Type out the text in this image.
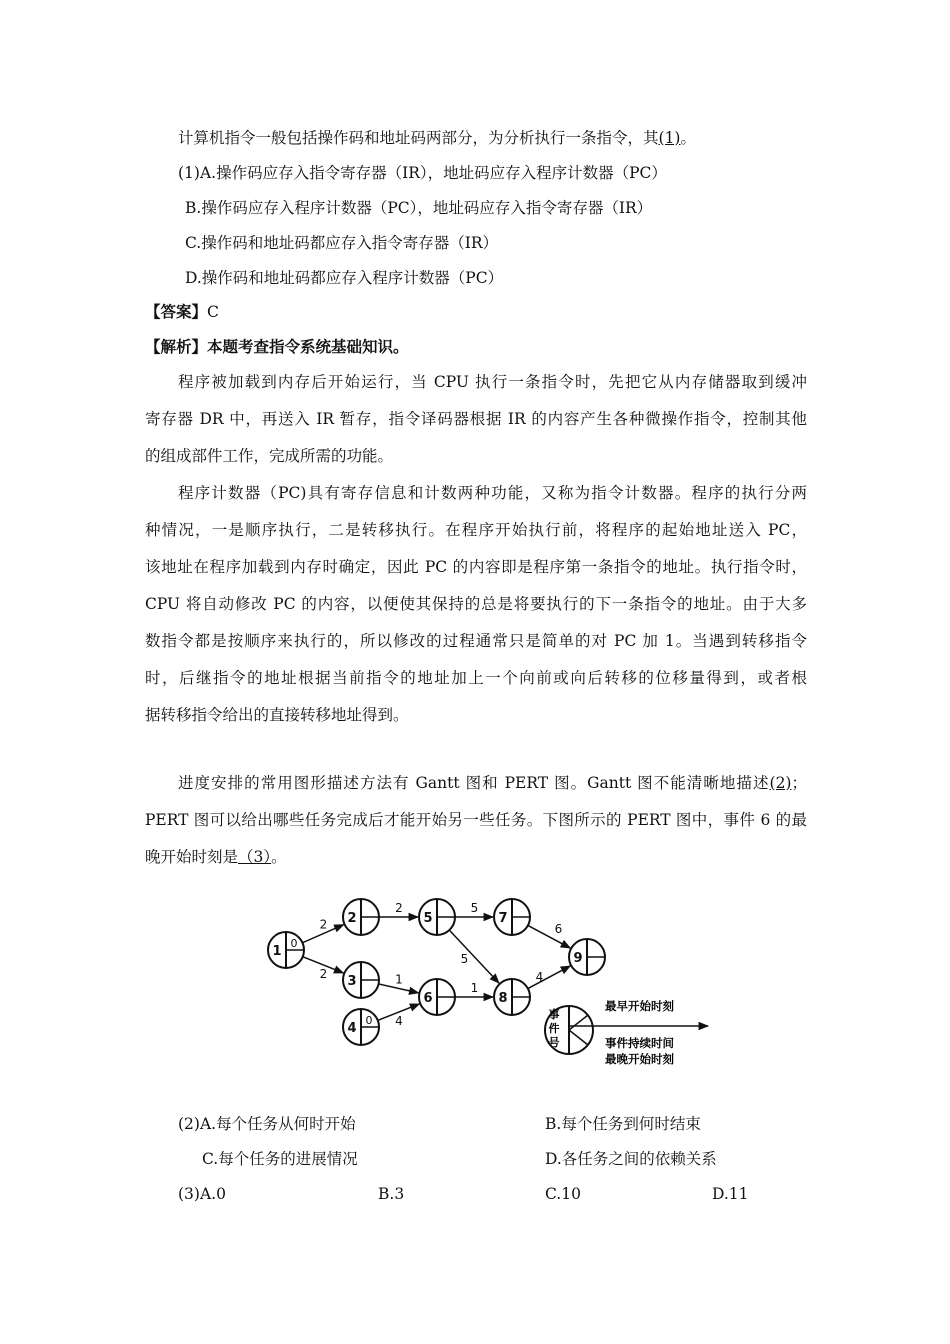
计算机指令一般包括操作码和地址码两部分，为分析执行一条指令，其(1)。
(1)A.操作码应存入指令寄存器（IR），地址码应存入程序计数器（PC）
B.操作码应存入程序计数器（PC），地址码应存入指令寄存器（IR）
C.操作码和地址码都应存入指令寄存器（IR）
D.操作码和地址码都应存入程序计数器（PC）
【答案】C
【解析】本题考查指令系统基础知识。
程序被加载到内存后开始运行，当 CPU 执行一条指令时，先把它从内存储器取到缓冲
寄存器 DR 中，再送入 IR 暂存，指令译码器根据 IR 的内容产生各种微操作指令，控制其他
的组成部件工作，完成所需的功能。
程序计数器（PC)具有寄存信息和计数两种功能，又称为指令计数器。程序的执行分两
种情况，一是顺序执行，二是转移执行。在程序开始执行前，将程序的起始地址送入 PC，
该地址在程序加载到内存时确定，因此 PC 的内容即是程序第一条指令的地址。执行指令时，
CPU 将自动修改 PC 的内容，以便使其保持的总是将要执行的下一条指令的地址。由于大多
数指令都是按顺序来执行的，所以修改的过程通常只是简单的对 PC 加 1。当遇到转移指令
时，后继指令的地址根据当前指令的地址加上一个向前或向后转移的位移量得到，或者根
据转移指令给出的直接转移地址得到。
进度安排的常用图形描述方法有 Gantt 图和 PERT 图。Gantt 图不能清晰地描述(2)；
PERT 图可以给出哪些任务完成后才能开始另一些任务。下图所示的 PERT 图中，事件 6 的最
晚开始时刻是（3）。
2
2
2
1
4
5
5
1
6
4
1
0
2
3
4
0
5
6
7
8
9
事
件
号
最早开始时刻
事件持续时间
最晚开始时刻
(2)A.每个任务从何时开始	B.每个任务到何时结束
C.每个任务的进展情况	D.各任务之间的依赖关系
(3)A.0	B.3	C.10	D.11
